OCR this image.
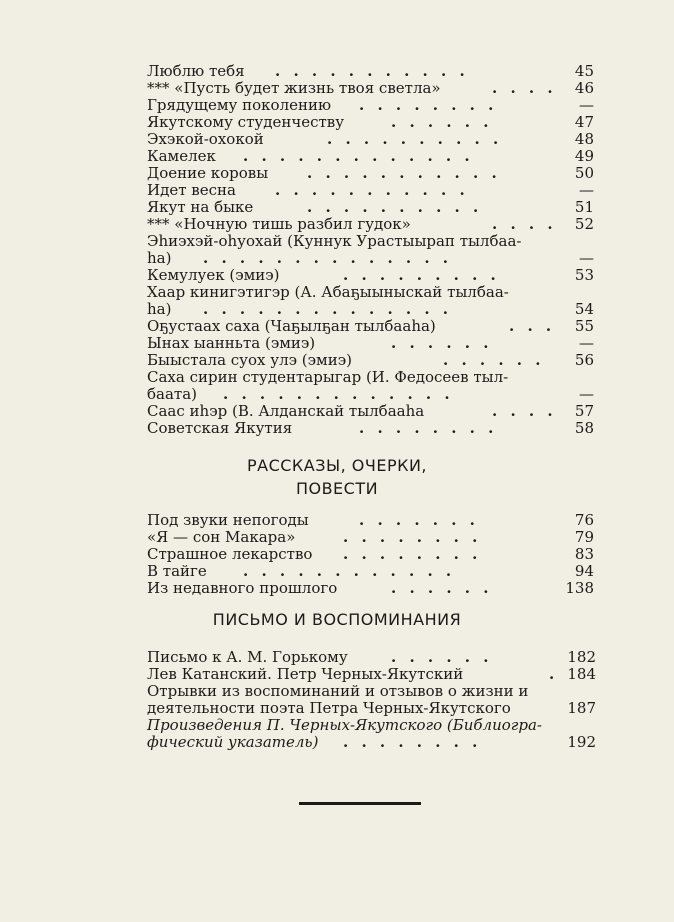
Люблю тебя . . . . . . . . . . .	45
*** «Пусть будет жизнь твоя светла»	. . . . 46
Грядущему поколению . . . . . . . .	—
Якутскому студенчеству	. . . . . .	47
Эхэкой-охокой	. . . . . . . . . .	48
Камелек . . . . . . . . . . . . .	49
Доение коровы	. . . . . . . . . . .	50
Идет весна	. . . . . . . . . . .	—
Якут на быке	. . . . . . . . . .	51
*** «Ночную тишь разбил гудок»	. . . . 52
Эһиэхэй-оһуохай (Куннук Урастыырап тылбаа-
һа) . . . . . . . . . . . . . .	—
Кемулуек (эмиэ)	. . . . . . . . .	53
Хаар кинигэтигэр (А. Абаҕыыныскай тылбаа-
һа) . . . . . . . . . . . . . .	54
Оҕустаах саха (Чаҕылҕан тылбааһа)	. . . 55
Ынах ыанньта (эмиэ)	. . . . . .	—
Быыстала суох улэ (эмиэ)	. . . . . . 56
Саха сирин студентарыгар (И. Федосеев тыл-
баата) . . . . . . . . . . . . .	—
Саас иһэр (В. Алданскай тылбааһа	. . . . 57
Советская Якутия	. . . . . . . .	58
РАССКАЗЫ, ОЧЕРКИ,
ПОВЕСТИ
Под звуки непогоды	. . . . . . .	76
«Я — сон Макара»	. . . . . . . .	79
Страшное лекарство . . . . . . . .	83
В тайге . . . . . . . . . . . .	94
Из недавного прошлого	. . . . . .	138
ПИСЬМО И ВОСПОМИНАНИЯ
Письмо к А. М. Горькому	. . . . . .	182
Лев Катанский. Петр Черных-Якутский	. 184
Отрывки из воспоминаний и отзывов о жизни и
деятельности поэта Петра Черных-Якутского	187
Произведения П. Черных-Якутского (Библиогра-
фический указатель) . . . . . . . .	192
